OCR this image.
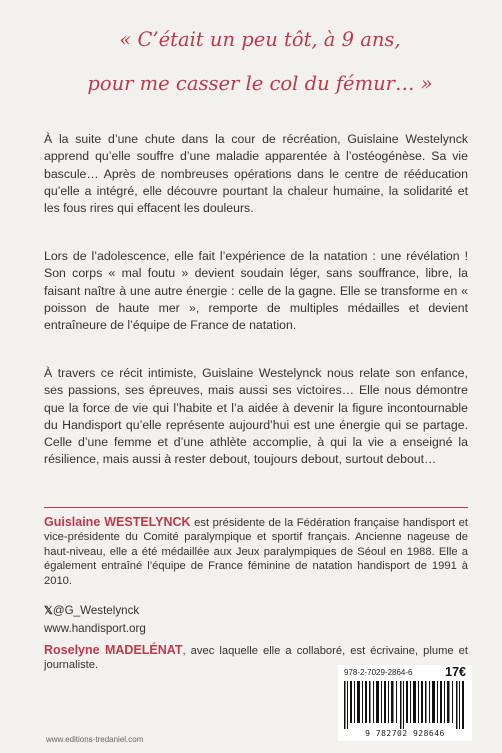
« C’était un peu tôt, à 9 ans,
pour me casser le col du fémur… »
À la suite d’une chute dans la cour de récréation, Guislaine Westelynck apprend qu’elle souffre d’une maladie apparentée à l’ostéogénèse. Sa vie bascule… Après de nombreuses opérations dans le centre de rééducation qu’elle a intégré, elle découvre pourtant la chaleur humaine, la solidarité et les fous rires qui effacent les douleurs.
Lors de l’adolescence, elle fait l’expérience de la natation : une révélation ! Son corps « mal foutu » devient soudain léger, sans souffrance, libre, la faisant naître à une autre énergie : celle de la gagne. Elle se transforme en « poisson de haute mer », remporte de multiples médailles et devient entraîneure de l’équipe de France de natation.
À travers ce récit intimiste, Guislaine Westelynck nous relate son enfance, ses passions, ses épreuves, mais aussi ses victoires… Elle nous démontre que la force de vie qui l’habite et l’a aidée à devenir la figure incontournable du Handisport qu’elle représente aujourd’hui est une énergie qui se partage. Celle d’une femme et d’une athlète accomplie, à qui la vie a enseigné la résilience, mais aussi à rester debout, toujours debout, surtout debout…
Guislaine WESTELYNCK est présidente de la Fédération française handisport et vice-présidente du Comité paralympique et sportif français. Ancienne nageuse de haut-niveau, elle a été médaillée aux Jeux paralympiques de Séoul en 1988. Elle a également entraîné l’équipe de France féminine de natation handisport de 1991 à 2010.
𝕏@G_Westelynck
www.handisport.org
Roselyne MADELÉNAT, avec laquelle elle a collaboré, est écrivaine, plume et journaliste.
978-2-7029-2864-6	17€
9 782702 928646
www.editions-tredaniel.com
